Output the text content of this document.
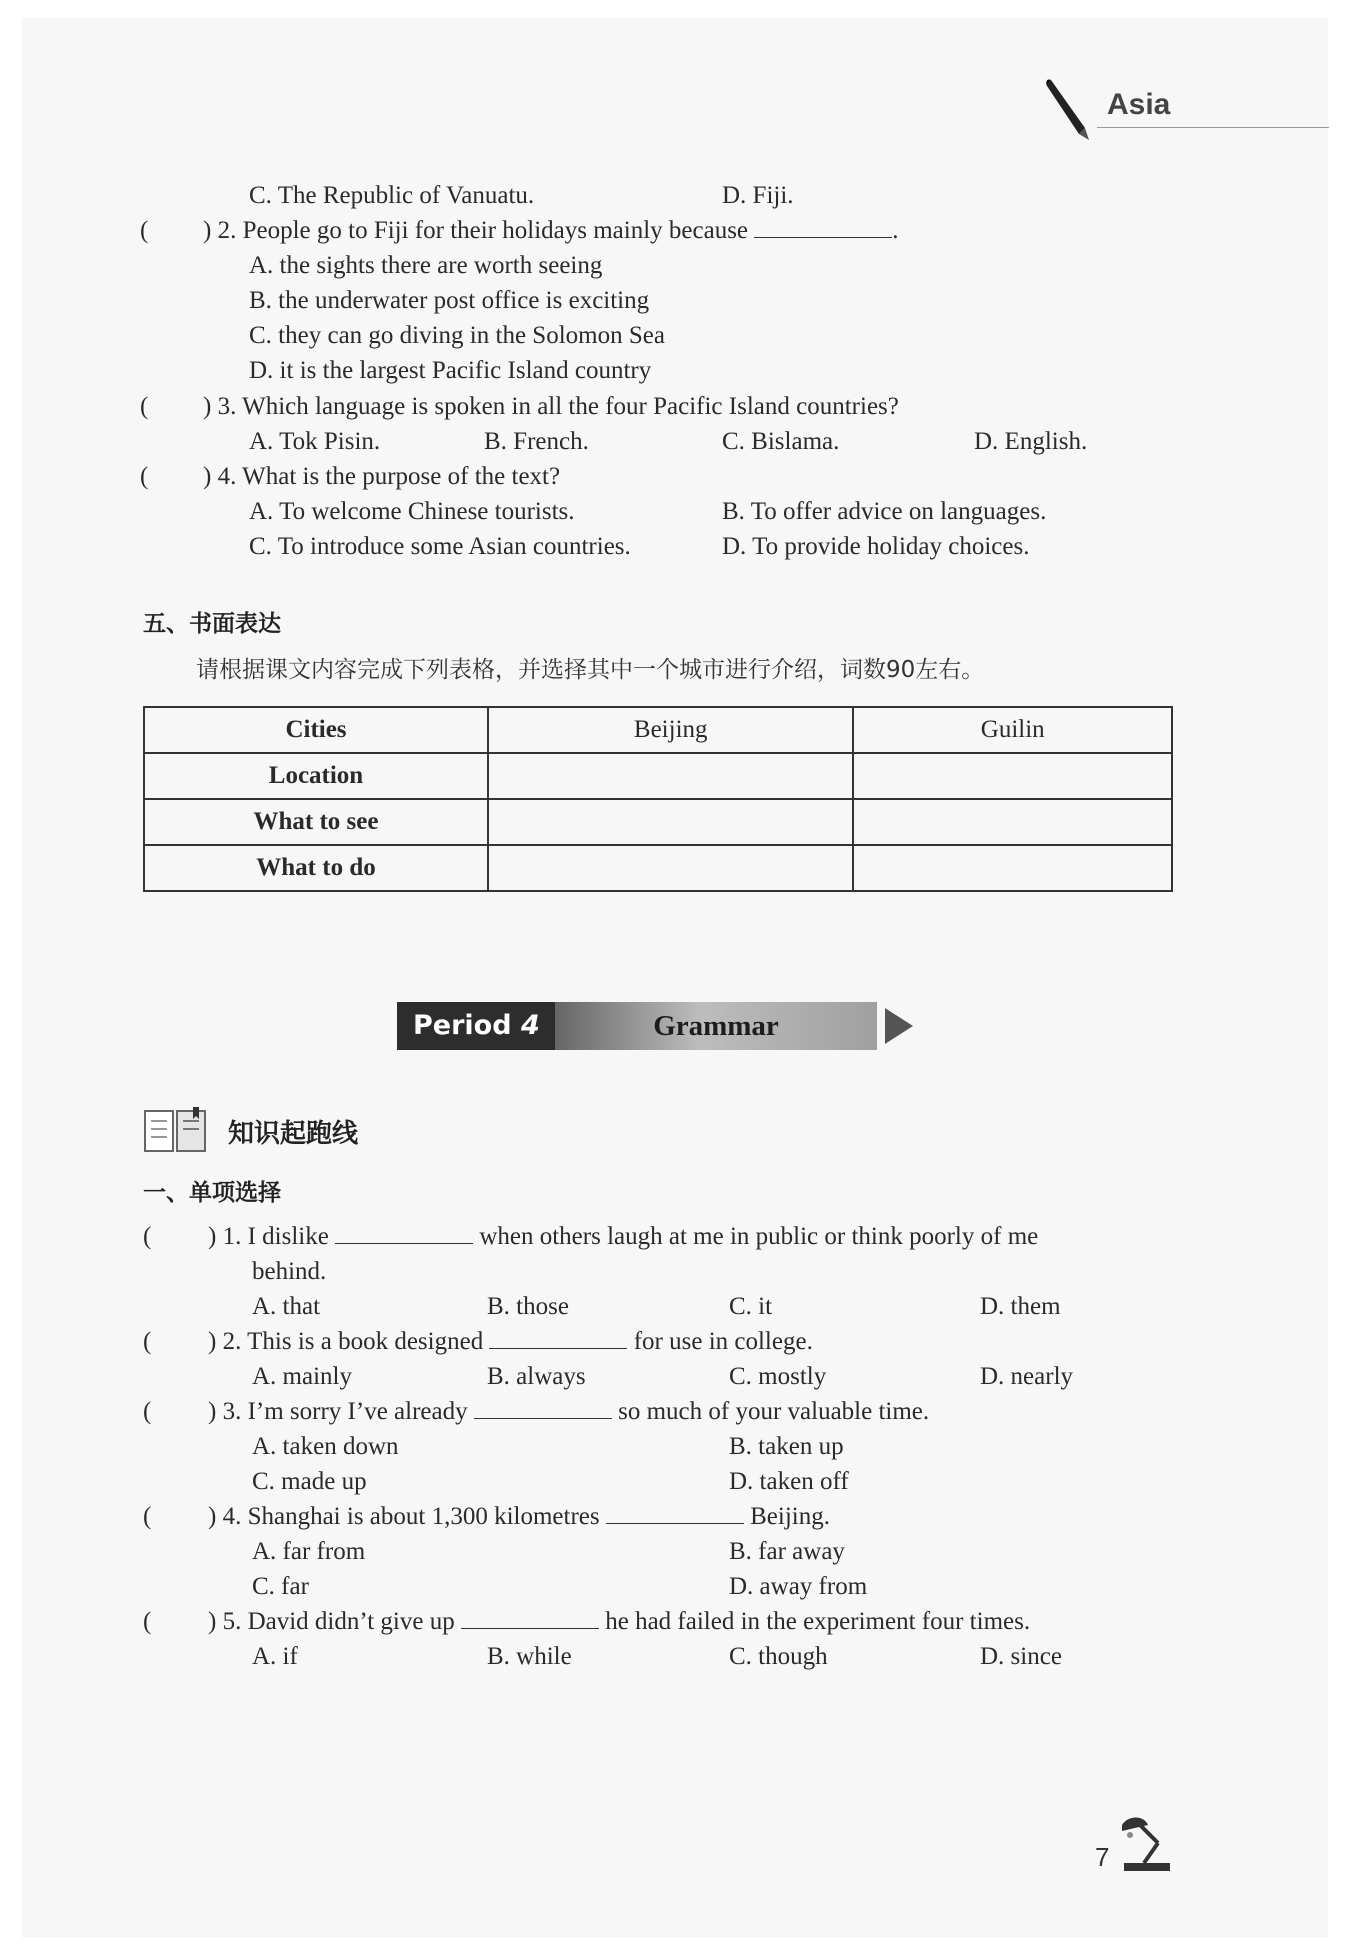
Asia
C. The Republic of Vanuatu.	D. Fiji.
( ) 2. People go to Fiji for their holidays mainly because	.
A. the sights there are worth seeing
B. the underwater post office is exciting
C. they can go diving in the Solomon Sea
D. it is the largest Pacific Island country
( ) 3. Which language is spoken in all the four Pacific Island countries?
A. Tok Pisin.	B. French.	C. Bislama.	D. English.
( ) 4. What is the purpose of the text?
A. To welcome Chinese tourists.	B. To offer advice on languages.
C. To introduce some Asian countries.	D. To provide holiday choices.
五、书面表达
请根据课文内容完成下列表格，并选择其中一个城市进行介绍，词数90左右。
Cities	Beijing	Guilin
Location		
What to see		
What to do		
Period 4	Grammar
知识起跑线
一、单项选择
( ) 1. I dislike	when others laugh at me in public or think poorly of me
behind.
A. that	B. those	C. it	D. them
( ) 2. This is a book designed	for use in college.
A. mainly	B. always	C. mostly	D. nearly
( ) 3. I’m sorry I’ve already	so much of your valuable time.
A. taken down	B. taken up
C. made up	D. taken off
( ) 4. Shanghai is about 1,300 kilometres	Beijing.
A. far from	B. far away
C. far	D. away from
( ) 5. David didn’t give up	he had failed in the experiment four times.
A. if	B. while	C. though	D. since
7
